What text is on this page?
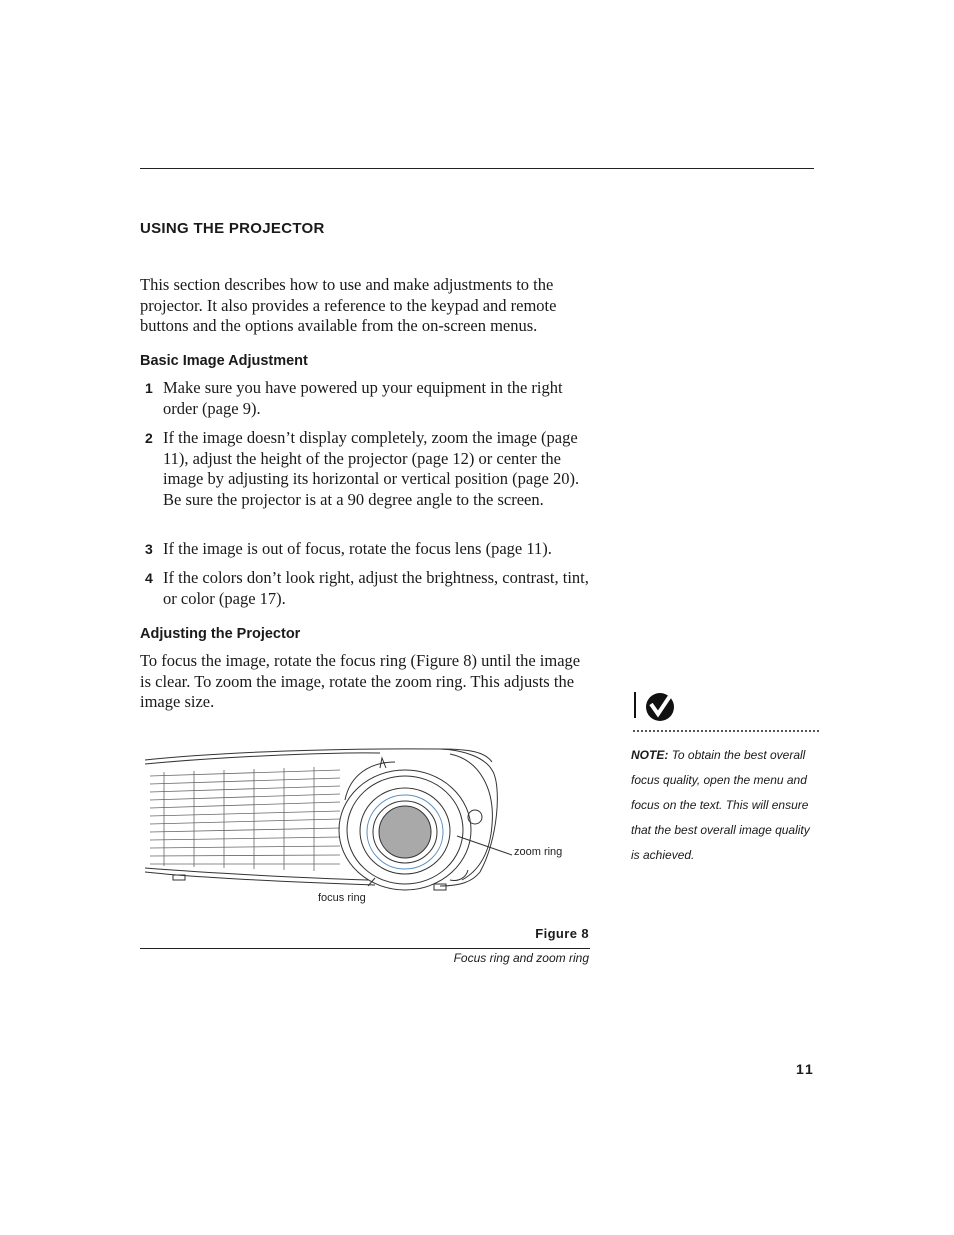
USING THE PROJECTOR
This section describes how to use and make adjustments to the projector. It also provides a reference to the keypad and remote buttons and the options available from the on-screen menus.
Basic Image Adjustment
1 Make sure you have powered up your equipment in the right order (page 9).
2 If the image doesn’t display completely, zoom the image (page 11), adjust the height of the projector (page 12) or center the image by adjusting its horizontal or vertical position (page 20). Be sure the projector is at a 90 degree angle to the screen.
3 If the image is out of focus, rotate the focus lens (page 11).
4 If the colors don’t look right, adjust the brightness, contrast, tint, or color (page 17).
Adjusting the Projector
To focus the image, rotate the focus ring (Figure 8) until the image is clear. To zoom the image, rotate the zoom ring. This adjusts the image size.
zoom ring
focus ring
Figure 8
Focus ring and zoom ring
NOTE: To obtain the best overall focus quality, open the menu and focus on the text. This will ensure that the best overall image quality is achieved.
11
